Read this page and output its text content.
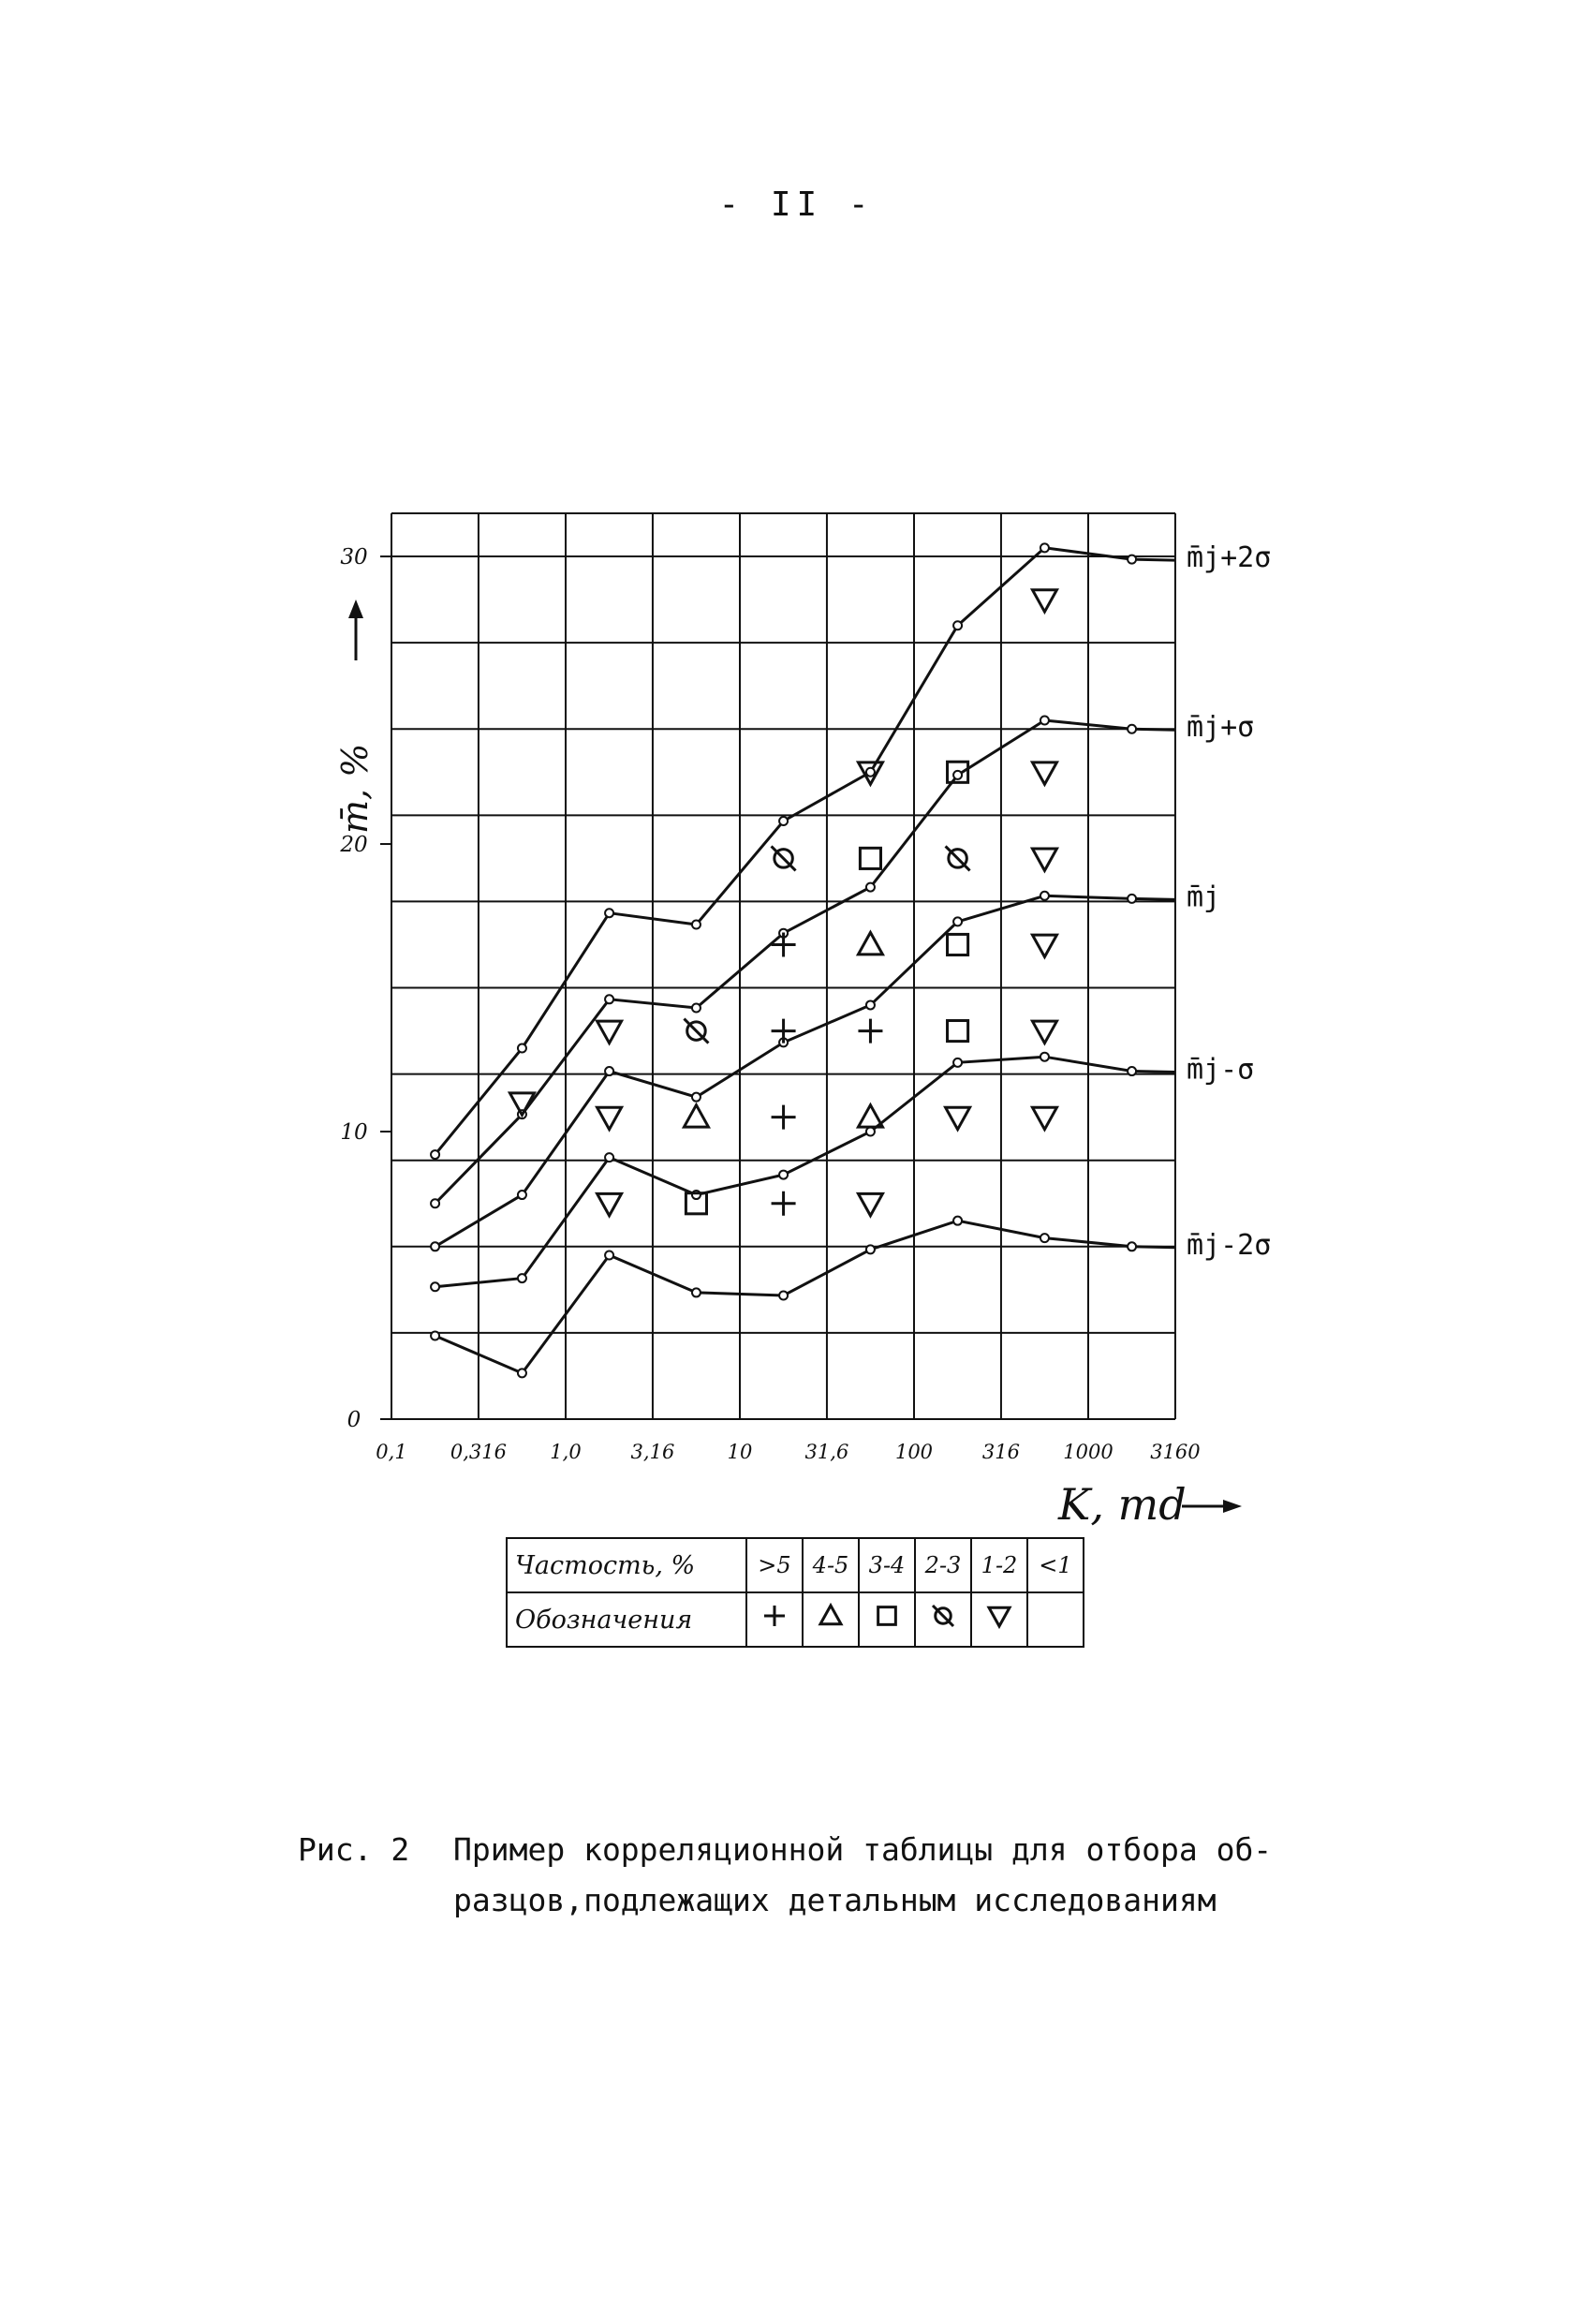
- II -
0,1 0,316 1,0	3,16	10	31,6 100	316 1000 3160
0
10
20
30
m̄, %
K, md
m̄j+2σ
m̄j+σ
m̄j
m̄j-σ
m̄j-2σ
Частость, %	>5	4-5	3-4	2-3	1-2	<1
Обозначения						
Рис. 2 Пример корреляционной таблицы для отбора об-
разцов,подлежащих детальным исследованиям
